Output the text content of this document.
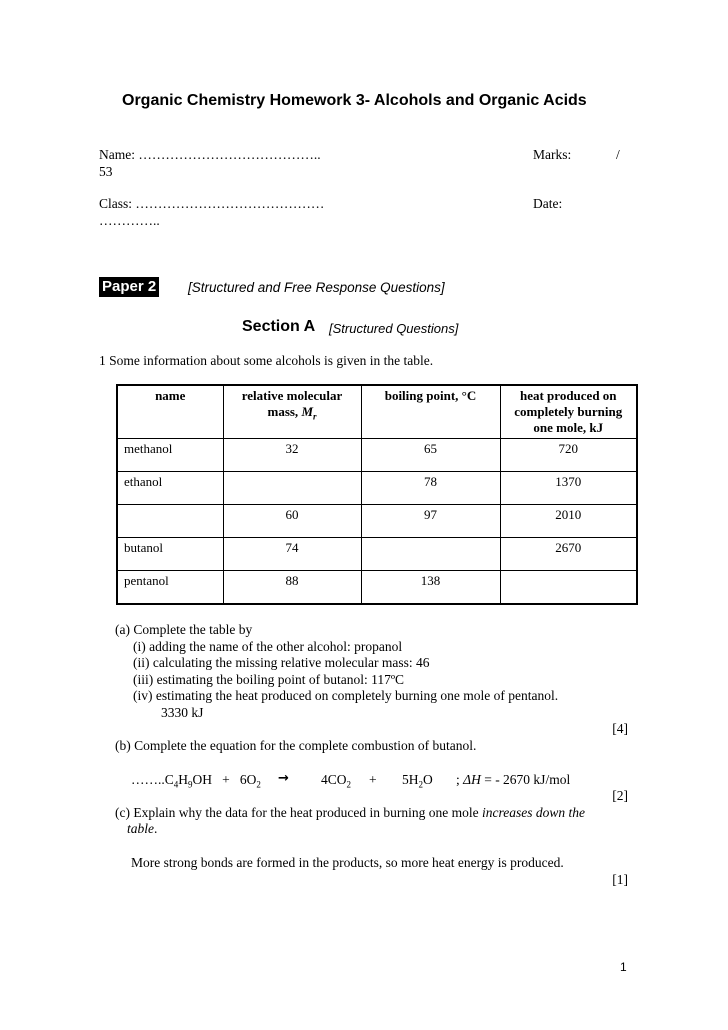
Organic Chemistry Homework 3- Alcohols and Organic Acids
Name: …………………………………..	Marks:	/
53
Class: ……………………………………	Date:
…………..
Paper 2 [Structured and Free Response Questions]
Section A [Structured Questions]
1 Some information about some alcohols is given in the table.
name	relative molecular mass, $M_r$	boiling point, °C	heat produced on completely burning one mole, kJ
methanol	32	65	720
ethanol		78	1370
	60	97	2010
butanol	74		2670
pentanol	88	138	
(a) Complete the table by
(i) adding the name of the other alcohol: propanol
(ii) calculating the missing relative molecular mass: 46
(iii) estimating the boiling point of butanol: 117ºC
(iv) estimating the heat produced on completely burning one mole of pentanol.
3330 kJ
[4]
(b) Complete the equation for the complete combustion of butanol.
$\dots\dots..C_4H_9OH + 6O_2 \to 4CO_2 + 5H_2O$ ; ΔH = - 2670 kJ/mol
[2]
(c) Explain why the data for the heat produced in burning one mole increases down the
table.
More strong bonds are formed in the products, so more heat energy is produced.
[1]
1
